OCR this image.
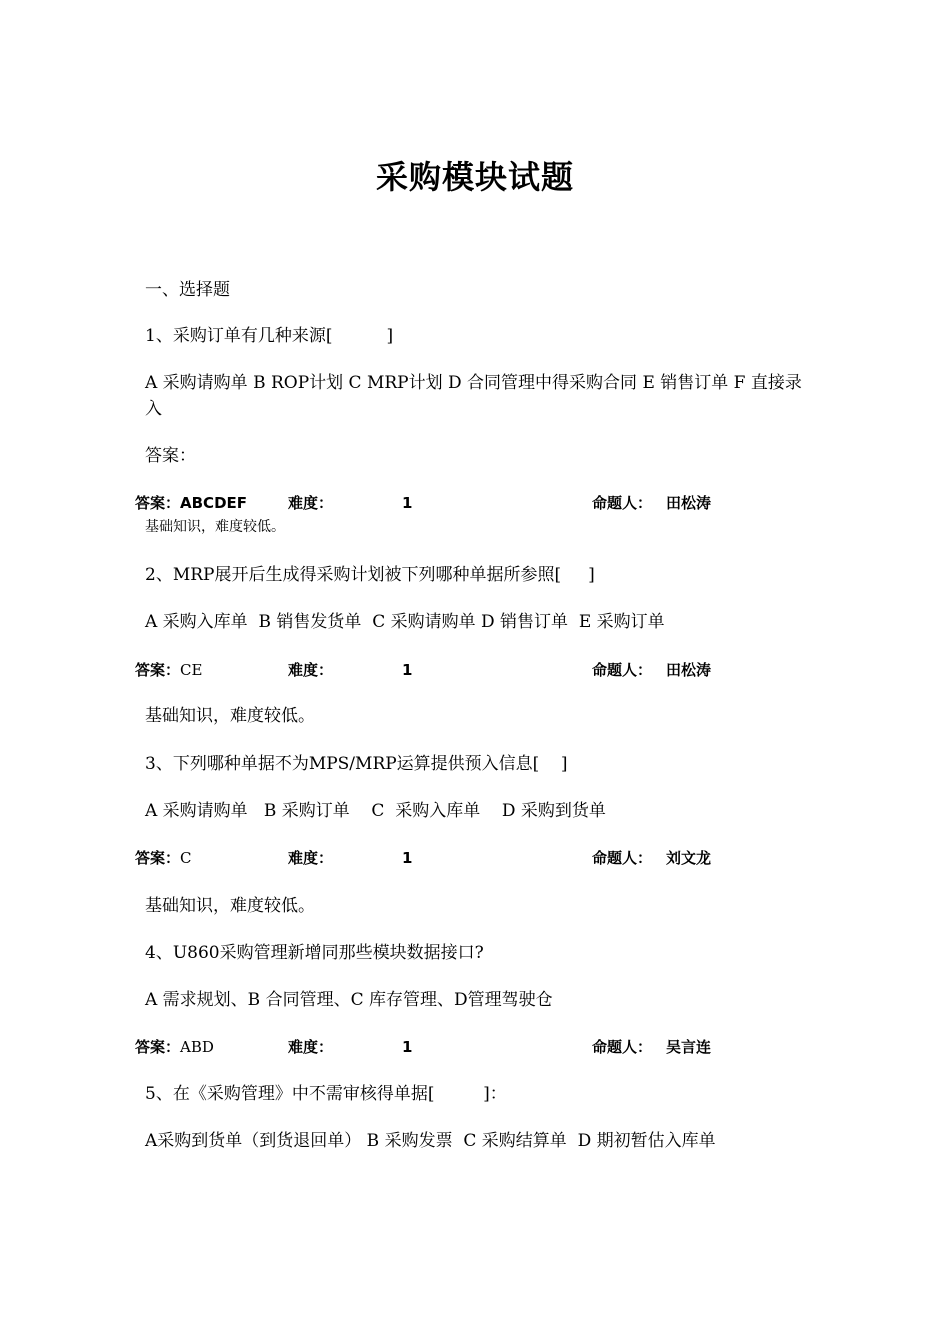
采购模块试题
一、选择题
1、采购订单有几种来源[          ]
A 采购请购单 B ROP计划 C MRP计划 D 合同管理中得采购合同 E 销售订单 F 直接录入
答案：
答案：ABCDEF	难度：	1	命题人： 田松涛
基础知识，难度较低。
2、MRP展开后生成得采购计划被下列哪种单据所参照[     ]
A 采购入库单  B 销售发货单  C 采购请购单 D 销售订单  E 采购订单
答案：CE	难度：	1	命题人： 田松涛
基础知识，难度较低。
3、下列哪种单据不为MPS/MRP运算提供预入信息[    ]
A 采购请购单   B 采购订单    C  采购入库单    D 采购到货单
答案：C	难度：	1	命题人： 刘文龙
基础知识，难度较低。
4、U860采购管理新增同那些模块数据接口?
A 需求规划、B 合同管理、C 库存管理、D管理驾驶仓
答案：ABD	难度：	1	命题人： 吴言连
5、在《采购管理》中不需审核得单据[         ]：
A采购到货单（到货退回单） B 采购发票  C 采购结算单  D 期初暂估入库单
